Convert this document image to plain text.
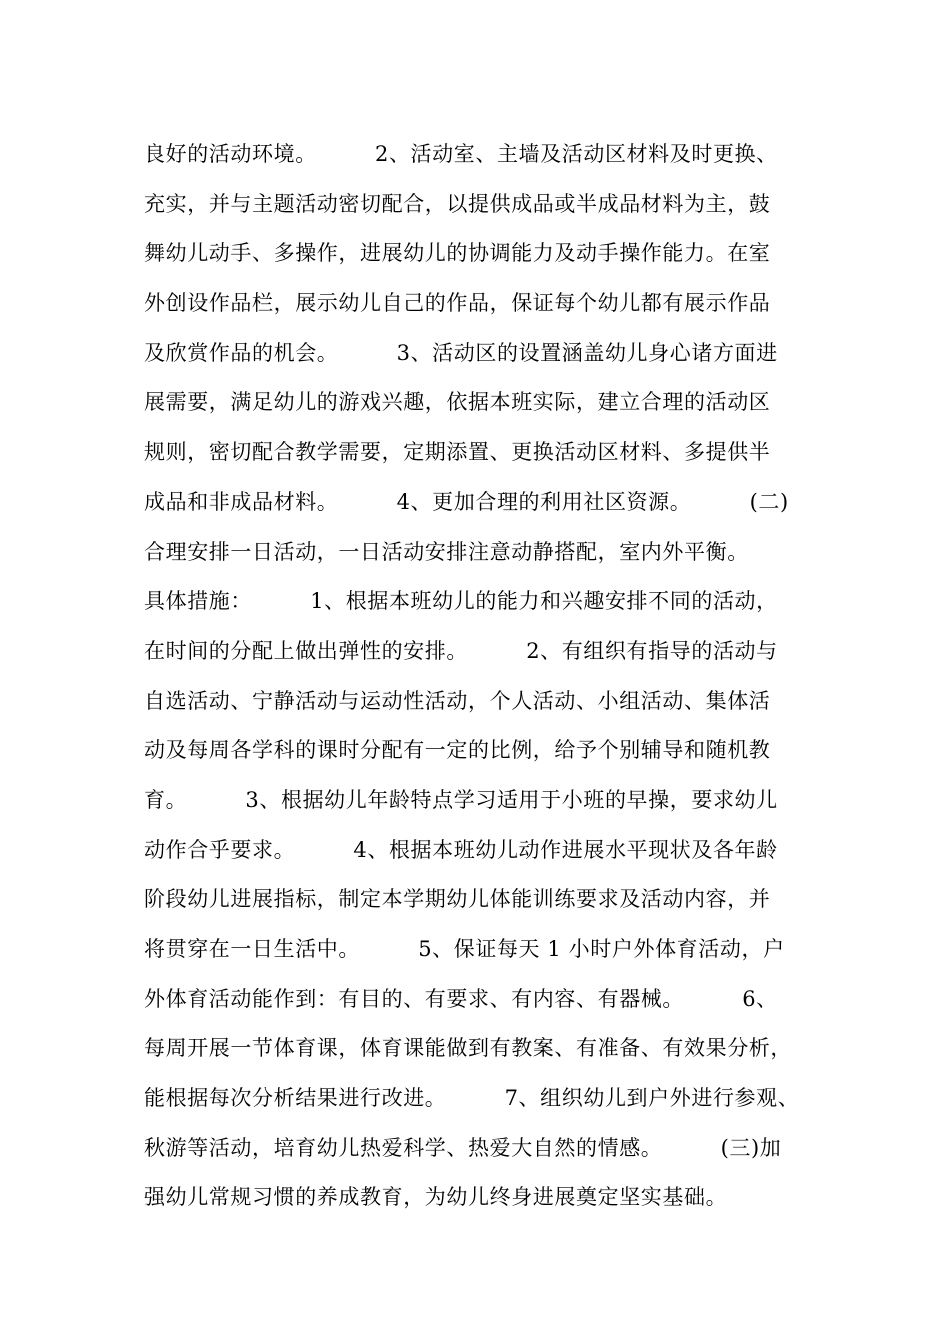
良好的活动环境。        2、活动室、主墙及活动区材料及时更换、
充实，并与主题活动密切配合，以提供成品或半成品材料为主，鼓
舞幼儿动手、多操作，进展幼儿的协调能力及动手操作能力。在室
外创设作品栏，展示幼儿自己的作品，保证每个幼儿都有展示作品
及欣赏作品的机会。        3、活动区的设置涵盖幼儿身心诸方面进
展需要，满足幼儿的游戏兴趣，依据本班实际，建立合理的活动区
规则，密切配合教学需要，定期添置、更换活动区材料、多提供半
成品和非成品材料。        4、更加合理的利用社区资源。        (二)
合理安排一日活动，一日活动安排注意动静搭配，室内外平衡。
具体措施：        1、根据本班幼儿的能力和兴趣安排不同的活动，
在时间的分配上做出弹性的安排。        2、有组织有指导的活动与
自选活动、宁静活动与运动性活动，个人活动、小组活动、集体活
动及每周各学科的课时分配有一定的比例，给予个别辅导和随机教
育。        3、根据幼儿年龄特点学习适用于小班的早操，要求幼儿
动作合乎要求。        4、根据本班幼儿动作进展水平现状及各年龄
阶段幼儿进展指标，制定本学期幼儿体能训练要求及活动内容，并
将贯穿在一日生活中。        5、保证每天 1 小时户外体育活动，户
外体育活动能作到：有目的、有要求、有内容、有器械。        6、
每周开展一节体育课，体育课能做到有教案、有准备、有效果分析，
能根据每次分析结果进行改进。        7、组织幼儿到户外进行参观、
秋游等活动，培育幼儿热爱科学、热爱大自然的情感。        (三)加
强幼儿常规习惯的养成教育，为幼儿终身进展奠定坚实基础。
